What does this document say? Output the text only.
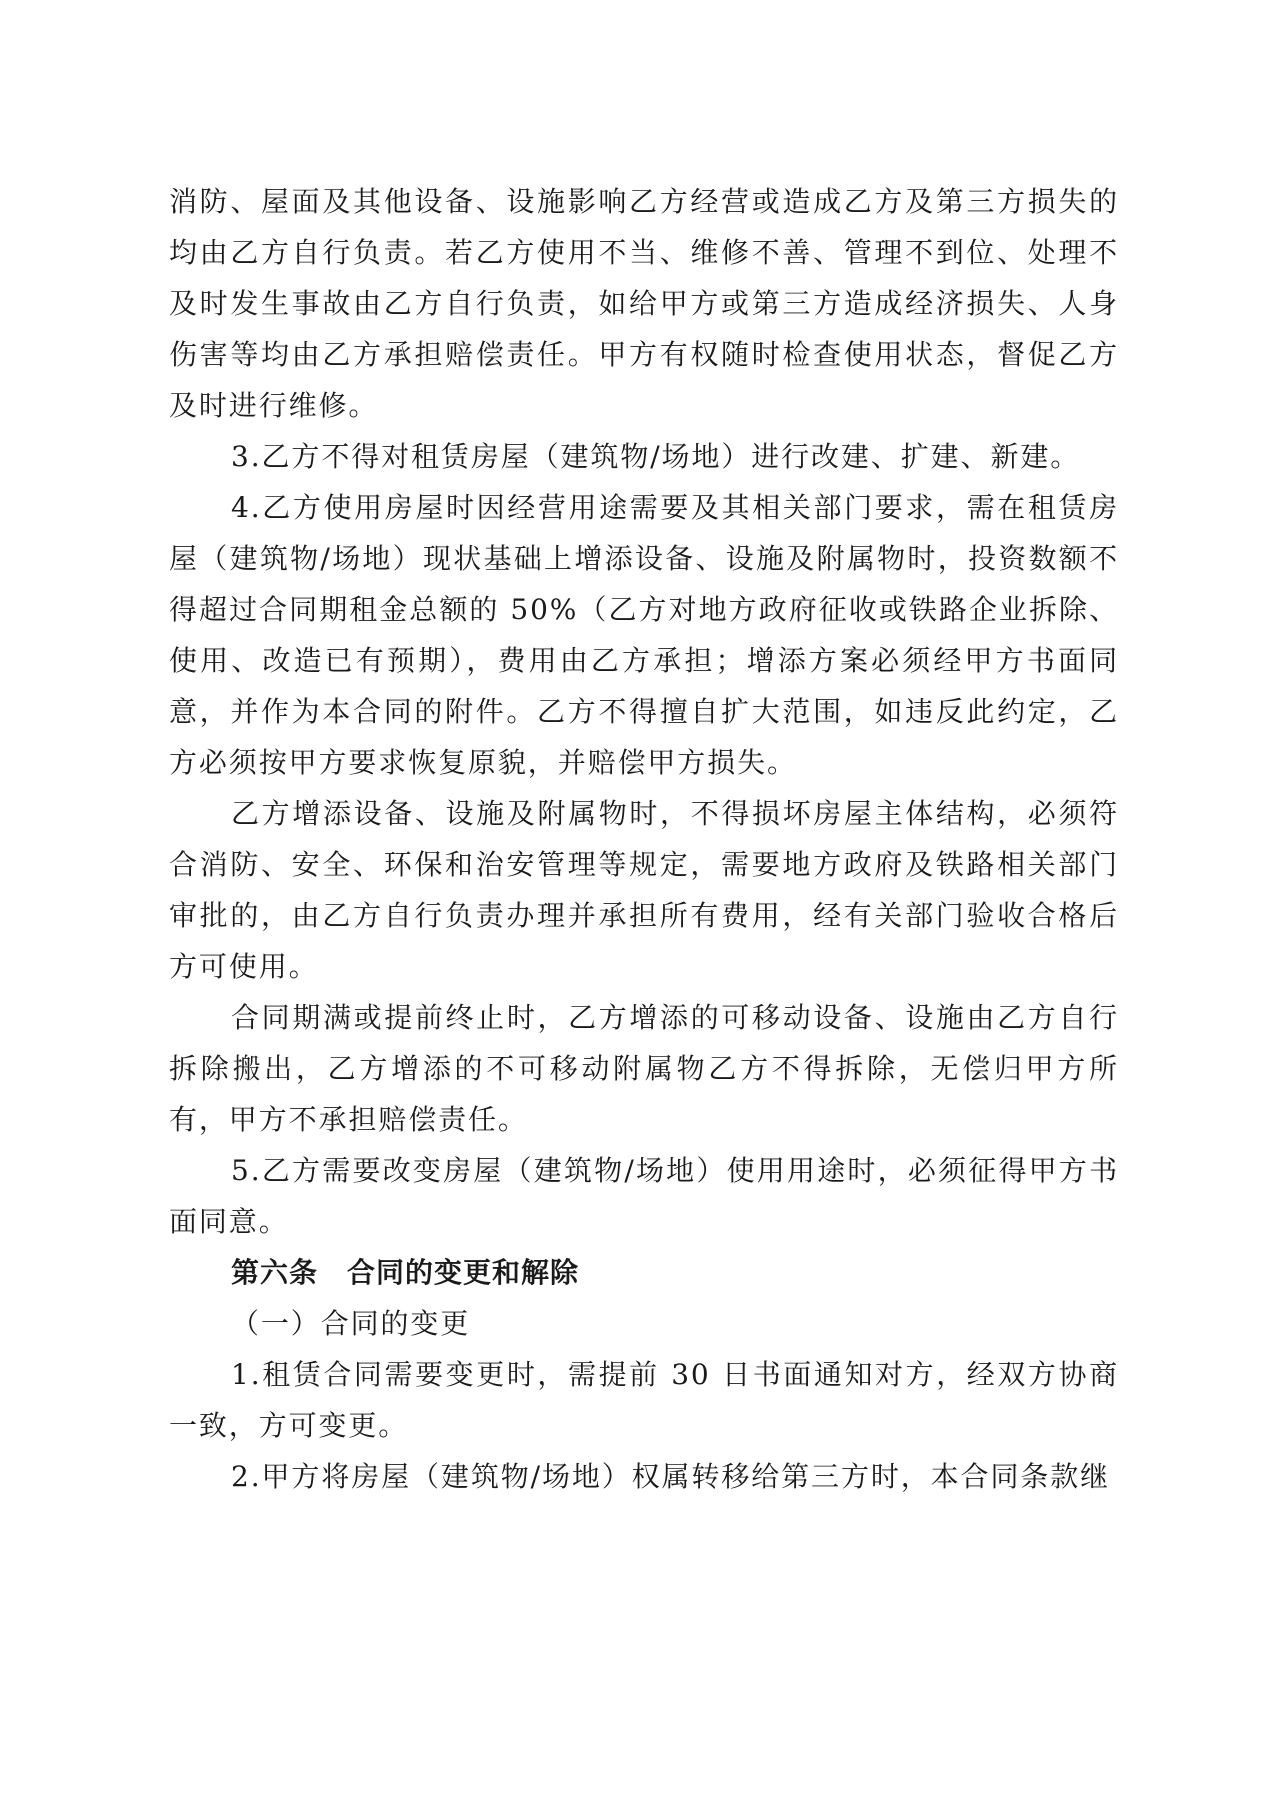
消防、屋面及其他设备、设施影响乙方经营或造成乙方及第三方损失的均由乙方自行负责。若乙方使用不当、维修不善、管理不到位、处理不及时发生事故由乙方自行负责，如给甲方或第三方造成经济损失、人身伤害等均由乙方承担赔偿责任。甲方有权随时检查使用状态，督促乙方及时进行维修。

3.乙方不得对租赁房屋（建筑物/场地）进行改建、扩建、新建。

4.乙方使用房屋时因经营用途需要及其相关部门要求，需在租赁房屋（建筑物/场地）现状基础上增添设备、设施及附属物时，投资数额不得超过合同期租金总额的 50%（乙方对地方政府征收或铁路企业拆除、使用、改造已有预期），费用由乙方承担；增添方案必须经甲方书面同意，并作为本合同的附件。乙方不得擅自扩大范围，如违反此约定，乙方必须按甲方要求恢复原貌，并赔偿甲方损失。

乙方增添设备、设施及附属物时，不得损坏房屋主体结构，必须符合消防、安全、环保和治安管理等规定，需要地方政府及铁路相关部门审批的，由乙方自行负责办理并承担所有费用，经有关部门验收合格后方可使用。

合同期满或提前终止时，乙方增添的可移动设备、设施由乙方自行拆除搬出，乙方增添的不可移动附属物乙方不得拆除，无偿归甲方所有，甲方不承担赔偿责任。

5.乙方需要改变房屋（建筑物/场地）使用用途时，必须征得甲方书面同意。

第六条　合同的变更和解除

（一）合同的变更

1.租赁合同需要变更时，需提前 30 日书面通知对方，经双方协商一致，方可变更。

2.甲方将房屋（建筑物/场地）权属转移给第三方时，本合同条款继
